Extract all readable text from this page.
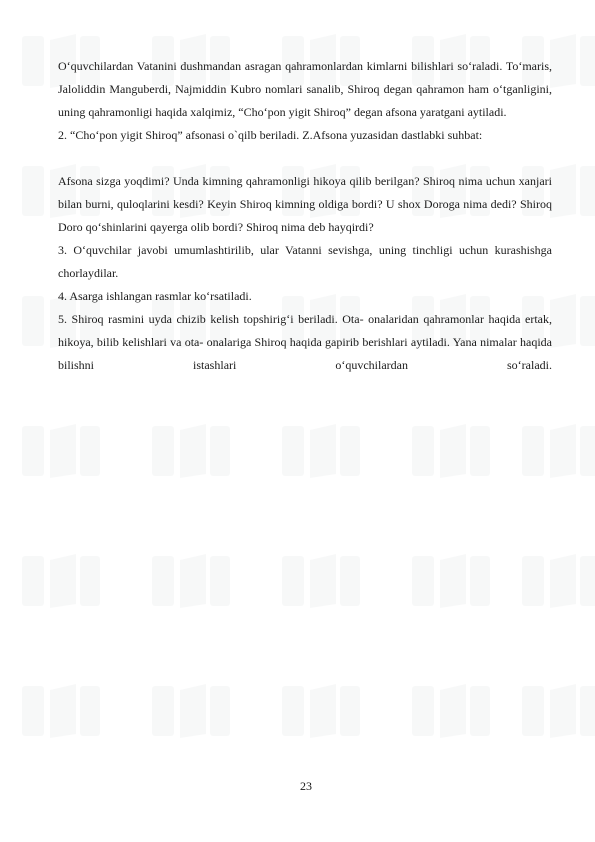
O‘quvchilardan Vatanini dushmandan asragan qahramonlardan kimlarni bilishlari so‘raladi. To‘maris, Jaloliddin Manguberdi, Najmiddin Kubro nomlari sanalib, Shiroq degan qahramon ham o‘tganligini, uning qahramonligi haqida xalqimiz, “Cho‘pon yigit Shiroq” degan afsona yaratgani aytiladi.

2. “Cho‘pon yigit Shiroq” afsonasi o`qilb beriladi. Z.Afsona yuzasidan dastlabki suhbat:

Afsona sizga yoqdimi? Unda kimning qahramonligi hikoya qilib berilgan? Shiroq nima uchun xanjari bilan burni, quloqlarini kesdi? Keyin Shiroq kimning oldiga bordi? U shox Doroga nima dedi? Shiroq Doro qo‘shinlarini qayerga olib bordi? Shiroq nima deb hayqirdi?

3. O‘quvchilar javobi umumlashtirilib, ular Vatanni sevishga, uning tinchligi uchun kurashishga chorlaydilar.

4. Asarga ishlangan rasmlar ko‘rsatiladi.

5. Shiroq rasmini uyda chizib kelish topshirig‘i beriladi. Ota- onalaridan qahramonlar haqida ertak, hikoya, bilib kelishlari va ota- onalariga Shiroq haqida gapirib berishlari aytiladi. Yana nimalar haqida bilishni istashlari o‘quvchilardan so‘raladi.

23
